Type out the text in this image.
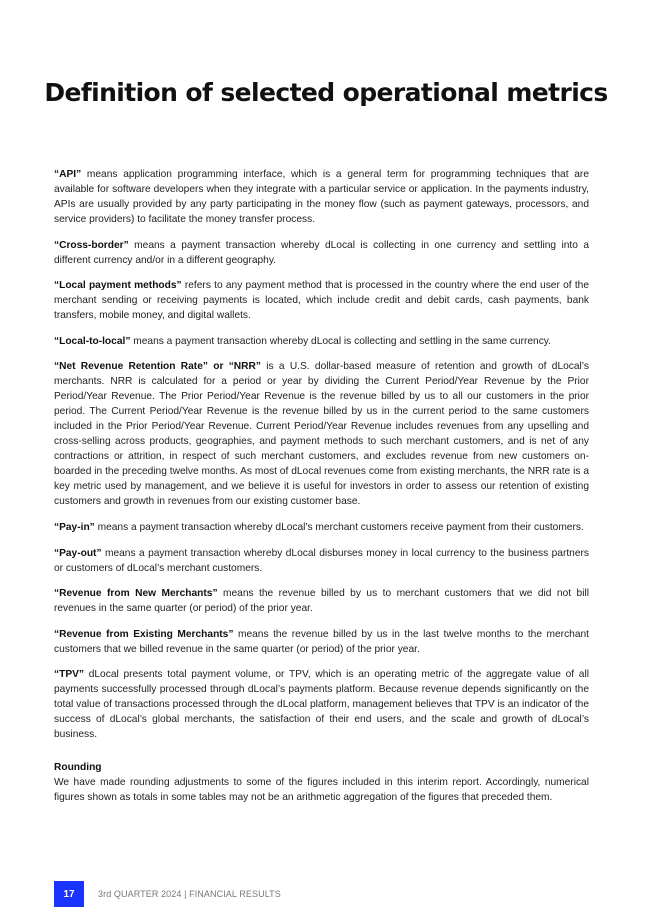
Definition of selected operational metrics

“API” means application programming interface, which is a general term for programming techniques that are available for software developers when they integrate with a particular service or application. In the payments industry, APIs are usually provided by any party participating in the money flow (such as payment gateways, processors, and service providers) to facilitate the money transfer process.

“Cross-border” means a payment transaction whereby dLocal is collecting in one currency and settling into a different currency and/or in a different geography.

“Local payment methods” refers to any payment method that is processed in the country where the end user of the merchant sending or receiving payments is located, which include credit and debit cards, cash payments, bank transfers, mobile money, and digital wallets.

“Local-to-local” means a payment transaction whereby dLocal is collecting and settling in the same currency.

“Net Revenue Retention Rate” or “NRR” is a U.S. dollar-based measure of retention and growth of dLocal’s merchants. NRR is calculated for a period or year by dividing the Current Period/Year Revenue by the Prior Period/Year Revenue. The Prior Period/Year Revenue is the revenue billed by us to all our customers in the prior period. The Current Period/Year Revenue is the revenue billed by us in the current period to the same customers included in the Prior Period/Year Revenue. Current Period/Year Revenue includes revenues from any upselling and cross-selling across products, geographies, and payment methods to such merchant customers, and is net of any contractions or attrition, in respect of such merchant customers, and excludes revenue from new customers on-boarded in the preceding twelve months. As most of dLocal revenues come from existing merchants, the NRR rate is a key metric used by management, and we believe it is useful for investors in order to assess our retention of existing customers and growth in revenues from our existing customer base.

“Pay-in” means a payment transaction whereby dLocal’s merchant customers receive payment from their customers.

“Pay-out” means a payment transaction whereby dLocal disburses money in local currency to the business partners or customers of dLocal’s merchant customers.

“Revenue from New Merchants” means the revenue billed by us to merchant customers that we did not bill revenues in the same quarter (or period) of the prior year.

“Revenue from Existing Merchants” means the revenue billed by us in the last twelve months to the merchant customers that we billed revenue in the same quarter (or period) of the prior year.

“TPV” dLocal presents total payment volume, or TPV, which is an operating metric of the aggregate value of all payments successfully processed through dLocal’s payments platform. Because revenue depends significantly on the total value of transactions processed through the dLocal platform, management believes that TPV is an indicator of the success of dLocal’s global merchants, the satisfaction of their end users, and the scale and growth of dLocal’s business.

Rounding

We have made rounding adjustments to some of the figures included in this interim report. Accordingly, numerical figures shown as totals in some tables may not be an arithmetic aggregation of the figures that preceded them.

17	3rd QUARTER 2024 | FINANCIAL RESULTS
